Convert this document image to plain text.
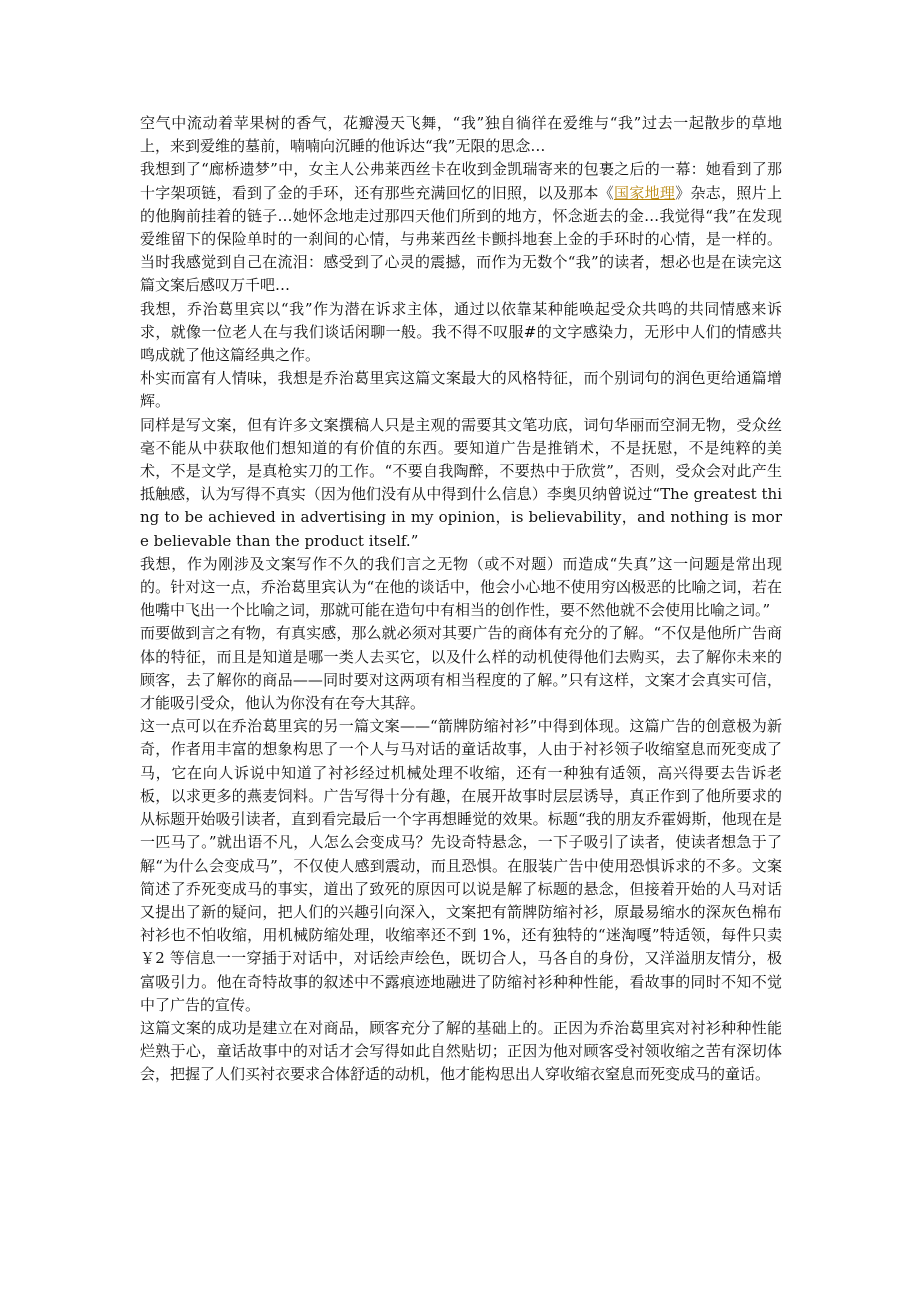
空气中流动着苹果树的香气，花瓣漫天飞舞，“我”独自徜徉在爱维与“我”过去一起散步的草地上，来到爱维的墓前，喃喃向沉睡的他诉达“我”无限的思念…

我想到了“廊桥遗梦”中，女主人公弗莱西丝卡在收到金凯瑞寄来的包裹之后的一幕：她看到了那十字架项链，看到了金的手环，还有那些充满回忆的旧照，以及那本《国家地理》杂志，照片上的他胸前挂着的链子…她怀念地走过那四天他们所到的地方，怀念逝去的金…我觉得“我”在发现爱维留下的保险单时的一刹间的心情，与弗莱西丝卡颤抖地套上金的手环时的心情，是一样的。当时我感觉到自己在流泪：感受到了心灵的震撼，而作为无数个“我”的读者，想必也是在读完这篇文案后感叹万千吧…

我想，乔治葛里宾以“我”作为潜在诉求主体，通过以依靠某种能唤起受众共鸣的共同情感来诉求，就像一位老人在与我们谈话闲聊一般。我不得不叹服#的文字感染力，无形中人们的情感共鸣成就了他这篇经典之作。

朴实而富有人情味，我想是乔治葛里宾这篇文案最大的风格特征，而个别词句的润色更给通篇增辉。

同样是写文案，但有许多文案撰稿人只是主观的需要其文笔功底，词句华丽而空洞无物，受众丝毫不能从中获取他们想知道的有价值的东西。要知道广告是推销术，不是抚慰，不是纯粹的美术，不是文学，是真枪实刀的工作。“不要自我陶醉，不要热中于欣赏”，否则，受众会对此产生抵触感，认为写得不真实（因为他们没有从中得到什么信息）李奥贝纳曾说过“The greatest thing to be achieved in advertising in my opinion，is believability，and nothing is more believable than the product itself.”

我想，作为刚涉及文案写作不久的我们言之无物（或不对题）而造成“失真”这一问题是常出现的。针对这一点，乔治葛里宾认为“在他的谈话中，他会小心地不使用穷凶极恶的比喻之词，若在他嘴中飞出一个比喻之词，那就可能在造句中有相当的创作性，要不然他就不会使用比喻之词。”

而要做到言之有物，有真实感，那么就必须对其要广告的商体有充分的了解。“不仅是他所广告商体的特征，而且是知道是哪一类人去买它，以及什么样的动机使得他们去购买，去了解你未来的顾客，去了解你的商品——同时要对这两项有相当程度的了解。”只有这样，文案才会真实可信，才能吸引受众，他认为你没有在夸大其辞。

这一点可以在乔治葛里宾的另一篇文案——“箭牌防缩衬衫”中得到体现。这篇广告的创意极为新奇，作者用丰富的想象构思了一个人与马对话的童话故事，人由于衬衫领子收缩窒息而死变成了马，它在向人诉说中知道了衬衫经过机械处理不收缩，还有一种独有适领，高兴得要去告诉老板，以求更多的燕麦饲料。广告写得十分有趣，在展开故事时层层诱导，真正作到了他所要求的从标题开始吸引读者，直到看完最后一个字再想睡觉的效果。标题“我的朋友乔霍姆斯，他现在是一匹马了。”就出语不凡，人怎么会变成马？先设奇特悬念，一下子吸引了读者，使读者想急于了解“为什么会变成马”，不仅使人感到震动，而且恐惧。在服装广告中使用恐惧诉求的不多。文案简述了乔死变成马的事实，道出了致死的原因可以说是解了标题的悬念，但接着开始的人马对话又提出了新的疑问，把人们的兴趣引向深入，文案把有箭牌防缩衬衫，原最易缩水的深灰色棉布衬衫也不怕收缩，用机械防缩处理，收缩率还不到 1%，还有独特的“迷淘嘎”特适领，每件只卖￥2 等信息一一穿插于对话中，对话绘声绘色，既切合人，马各自的身份，又洋溢朋友情分，极富吸引力。他在奇特故事的叙述中不露痕迹地融进了防缩衬衫种种性能，看故事的同时不知不觉中了广告的宣传。

这篇文案的成功是建立在对商品，顾客充分了解的基础上的。正因为乔治葛里宾对衬衫种种性能烂熟于心，童话故事中的对话才会写得如此自然贴切；正因为他对顾客受衬领收缩之苦有深切体会，把握了人们买衬衣要求合体舒适的动机，他才能构思出人穿收缩衣窒息而死变成马的童话。
